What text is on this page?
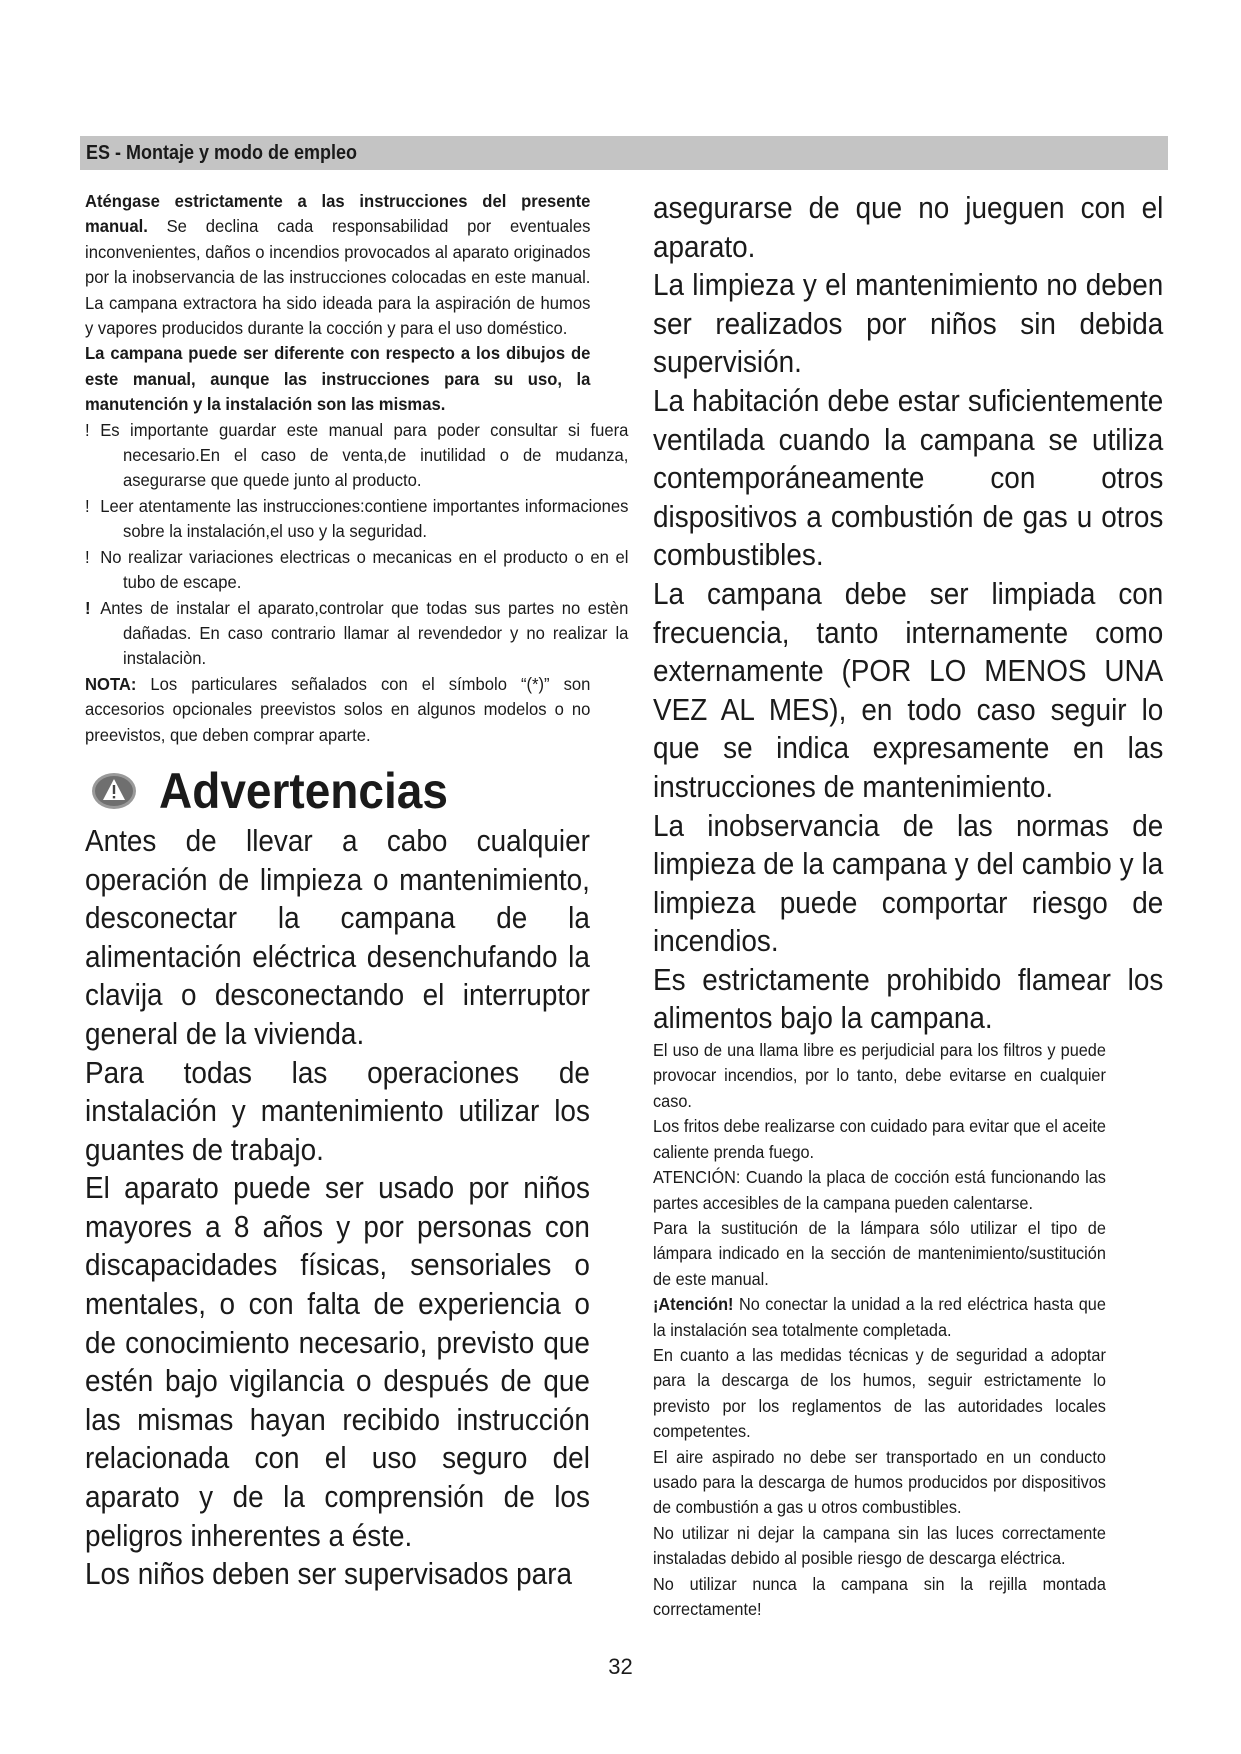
ES - Montaje y modo de empleo

Aténgase estrictamente a las instrucciones del presente manual. Se declina cada responsabilidad por eventuales inconvenientes, daños o incendios provocados al aparato originados por la inobservancia de las instrucciones colocadas en este manual. La campana extractora ha sido ideada para la aspiración de humos y vapores producidos durante la cocción y para el uso doméstico.

La campana puede ser diferente con respecto a los dibujos de este manual, aunque las instrucciones para su uso, la manutención y la instalación son las mismas.

! Es importante guardar este manual para poder consultar si fuera necesario.En el caso de venta,de inutilidad o de mudanza, asegurarse que quede junto al producto.

! Leer atentamente las instrucciones:contiene importantes informaciones sobre la instalación,el uso y la seguridad.

! No realizar variaciones electricas o mecanicas en el producto o en el tubo de escape.

! Antes de instalar el aparato,controlar que todas sus partes no estèn dañadas. En caso contrario llamar al revendedor y no realizar la instalaciòn.

NOTA: Los particulares señalados con el símbolo “(*)” son accesorios opcionales preevistos solos en algunos modelos o no preevistos, que deben comprar aparte.

Advertencias

Antes de llevar a cabo cualquier operación de limpieza o mantenimiento, desconectar la campana de la alimentación eléctrica desenchufando la clavija o desconectando el interruptor general de la vivienda.

Para todas las operaciones de instalación y mantenimiento utilizar los guantes de trabajo.

El aparato puede ser usado por niños mayores a 8 años y por personas con discapacidades físicas, sensoriales o mentales, o con falta de experiencia o de conocimiento necesario, previsto que estén bajo vigilancia o después de que las mismas hayan recibido instrucción relacionada con el uso seguro del aparato y de la comprensión de los peligros inherentes a éste.

Los niños deben ser supervisados para

asegurarse de que no jueguen con el aparato.

La limpieza y el mantenimiento no deben ser realizados por niños sin debida supervisión.

La habitación debe estar suficientemente ventilada cuando la campana se utiliza contemporáneamente con otros dispositivos a combustión de gas u otros combustibles.

La campana debe ser limpiada con frecuencia, tanto internamente como externamente (POR LO MENOS UNA VEZ AL MES), en todo caso seguir lo que se indica expresamente en las instrucciones de mantenimiento.

La inobservancia de las normas de limpieza de la campana y del cambio y la limpieza puede comportar riesgo de incendios.

Es estrictamente prohibido flamear los alimentos bajo la campana.

El uso de una llama libre es perjudicial para los filtros y puede provocar incendios, por lo tanto, debe evitarse en cualquier caso.

Los fritos debe realizarse con cuidado para evitar que el aceite caliente prenda fuego.

ATENCIÓN: Cuando la placa de cocción está funcionando las partes accesibles de la campana pueden calentarse.

Para la sustitución de la lámpara sólo utilizar el tipo de lámpara indicado en la sección de mantenimiento/sustitución de este manual.

¡Atención! No conectar la unidad a la red eléctrica hasta que la instalación sea totalmente completada.

En cuanto a las medidas técnicas y de seguridad a adoptar para la descarga de los humos, seguir estrictamente lo previsto por los reglamentos de las autoridades locales competentes.

El aire aspirado no debe ser transportado en un conducto usado para la descarga de humos producidos por dispositivos de combustión a gas u otros combustibles.

No utilizar ni dejar la campana sin las luces correctamente instaladas debido al posible riesgo de descarga eléctrica.

No utilizar nunca la campana sin la rejilla montada correctamente!

32
